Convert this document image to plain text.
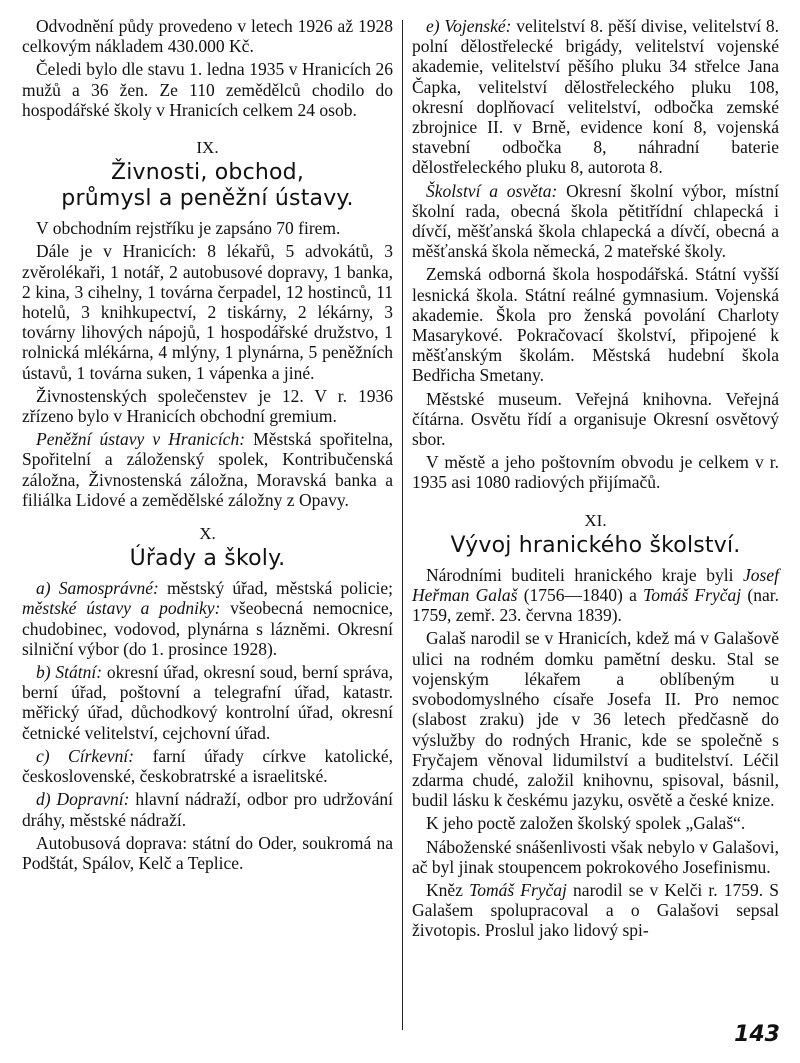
Odvodnění půdy provedeno v letech 1926 až 1928 celkovým nákladem 430.000 Kč.

Čeledi bylo dle stavu 1. ledna 1935 v Hranicích 26 mužů a 36 žen. Ze 110 zemědělců chodilo do hospodářské školy v Hranicích celkem 24 osob.

IX.
Živnosti, obchod,
průmysl a peněžní ústavy.

V obchodním rejstříku je zapsáno 70 firem.

Dále je v Hranicích: 8 lékařů, 5 advokátů, 3 zvěrolékaři, 1 notář, 2 autobusové dopravy, 1 banka, 2 kina, 3 cihelny, 1 továrna čerpadel, 12 hostinců, 11 hotelů, 3 knihkupectví, 2 tiskárny, 2 lékárny, 3 továrny lihových nápojů, 1 hospodářské družstvo, 1 rolnická mlékárna, 4 mlýny, 1 plynárna, 5 peněžních ústavů, 1 továrna suken, 1 vápenka a jiné.

Živnostenských společenstev je 12. V r. 1936 zřízeno bylo v Hranicích obchodní gremium.

Peněžní ústavy v Hranicích: Městská spořitelna, Spořitelní a záloženský spolek, Kontribučenská záložna, Živnostenská záložna, Moravská banka a filiálka Lidové a zemědělské záložny z Opavy.

X.
Úřady a školy.

a) Samosprávné: městský úřad, městská policie; městské ústavy a podniky: všeobecná nemocnice, chudobinec, vodovod, plynárna s lázněmi. Okresní silniční výbor (do 1. prosince 1928).

b) Státní: okresní úřad, okresní soud, berní správa, berní úřad, poštovní a telegrafní úřad, katastr. měřický úřad, důchodkový kontrolní úřad, okresní četnické velitelství, cejchovní úřad.

c) Církevní: farní úřady církve katolické, československé, českobratrské a israelitské.

d) Dopravní: hlavní nádraží, odbor pro udržování dráhy, městské nádraží.

Autobusová doprava: státní do Oder, soukromá na Podštát, Spálov, Kelč a Teplice.

e) Vojenské: velitelství 8. pěší divise, velitelství 8. polní dělostřelecké brigády, velitelství vojenské akademie, velitelství pěšího pluku 34 střelce Jana Čapka, velitelství dělostřeleckého pluku 108, okresní doplňovací velitelství, odbočka zemské zbrojnice II. v Brně, evidence koní 8, vojenská stavební odbočka 8, náhradní baterie dělostřeleckého pluku 8, autorota 8.

Školství a osvěta: Okresní školní výbor, místní školní rada, obecná škola pětitřídní chlapecká i dívčí, měšťanská škola chlapecká a dívčí, obecná a měšťanská škola německá, 2 mateřské školy.

Zemská odborná škola hospodářská. Státní vyšší lesnická škola. Státní reálné gymnasium. Vojenská akademie. Škola pro ženská povolání Charloty Masarykové. Pokračovací školství, připojené k měšťanským školám. Městská hudební škola Bedřicha Smetany.

Městské museum. Veřejná knihovna. Veřejná čítárna. Osvětu řídí a organisuje Okresní osvětový sbor.

V městě a jeho poštovním obvodu je celkem v r. 1935 asi 1080 radiových přijímačů.

XI.
Vývoj hranického školství.

Národními buditeli hranického kraje byli Josef Heřman Galaš (1756—1840) a Tomáš Fryčaj (nar. 1759, zemř. 23. června 1839).

Galaš narodil se v Hranicích, kdež má v Galašově ulici na rodném domku pamětní desku. Stal se vojenským lékařem a oblíbeným u svobodomyslného císaře Josefa II. Pro nemoc (slabost zraku) jde v 36 letech předčasně do výslužby do rodných Hranic, kde se společně s Fryčajem věnoval lidumilství a buditelství. Léčil zdarma chudé, založil knihovnu, spisoval, básnil, budil lásku k českému jazyku, osvětě a české knize.

K jeho poctě založen školský spolek „Galaš“.

Náboženské snášenlivosti však nebylo v Galašovi, ač byl jinak stoupencem pokrokového Josefinismu.

Kněz Tomáš Fryčaj narodil se v Kelči r. 1759. S Galašem spolupracoval a o Galašovi sepsal životopis. Proslul jako lidový spi-

143
